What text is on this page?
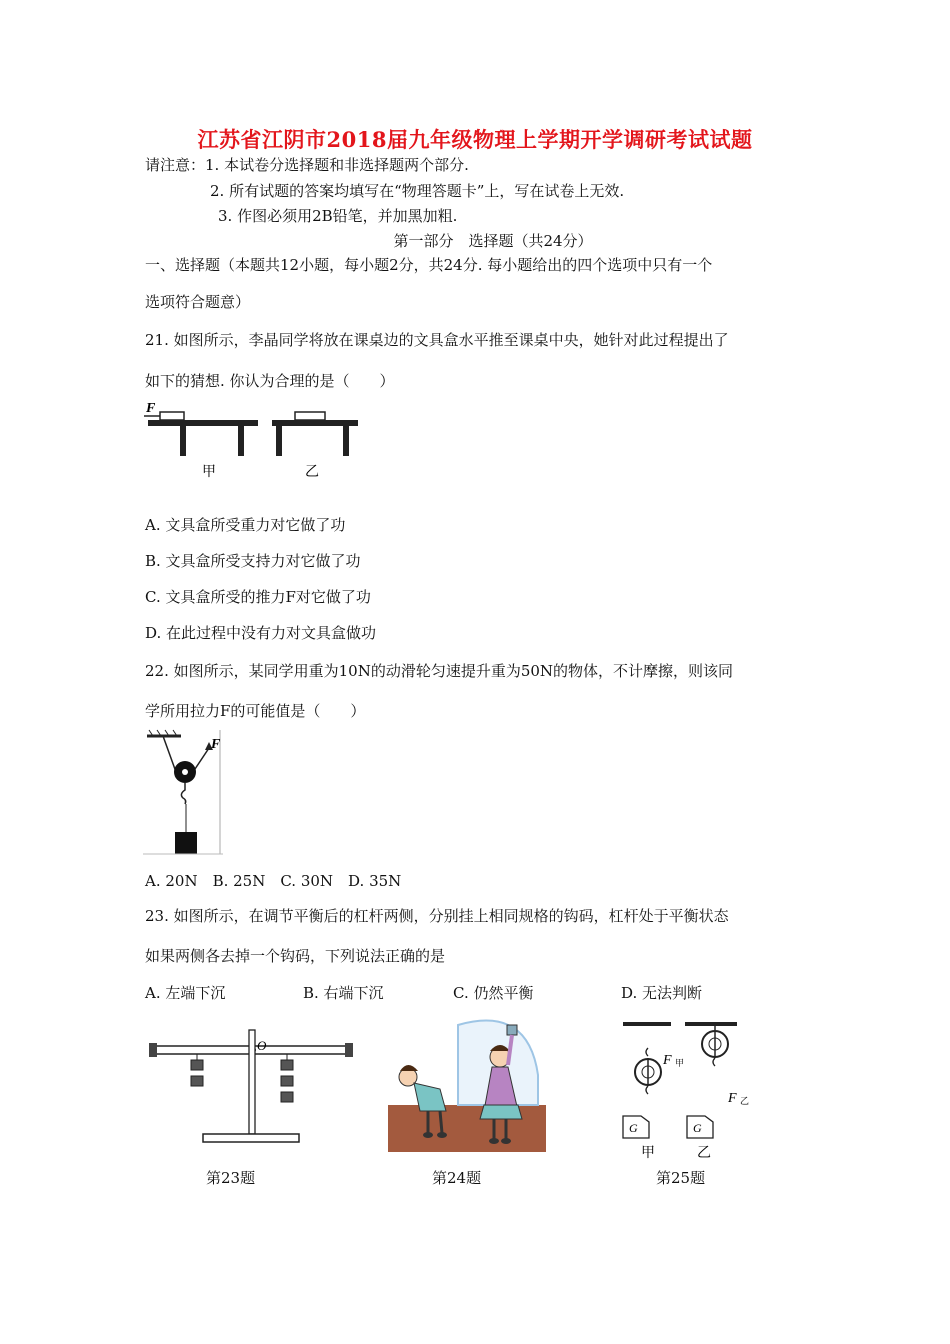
江苏省江阴市2018届九年级物理上学期开学调研考试试题
请注意：1. 本试卷分选择题和非选择题两个部分.
2. 所有试题的答案均填写在“物理答题卡”上，写在试卷上无效.
3. 作图必须用2B铅笔，并加黑加粗.
第一部分　选择题（共24分）
一、选择题（本题共12小题，每小题2分，共24分. 每小题给出的四个选项中只有一个
选项符合题意）
21. 如图所示，李晶同学将放在课桌边的文具盒水平推至课桌中央，她针对此过程提出了
如下的猜想. 你认为合理的是（　　）
F
甲	乙
A. 文具盒所受重力对它做了功
B. 文具盒所受支持力对它做了功
C. 文具盒所受的推力F对它做了功
D. 在此过程中没有力对文具盒做功
22. 如图所示，某同学用重为10N的动滑轮匀速提升重为50N的物体，不计摩擦，则该同
学所用拉力F的可能值是（　　）
F
A. 20N　B. 25N　C. 30N　D. 35N
23. 如图所示，在调节平衡后的杠杆两侧，分别挂上相同规格的钩码，杠杆处于平衡状态
如果两侧各去掉一个钩码，下列说法正确的是
A. 左端下沉	B. 右端下沉	C. 仍然平衡	D. 无法判断
O
F 甲
F 乙
G	G
甲	乙
第23题	第24题	第25题
